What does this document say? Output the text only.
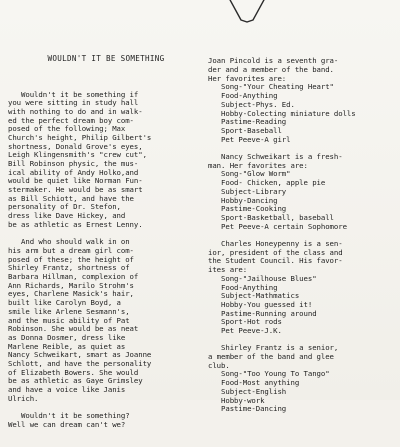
WOULDN'T IT BE SOMETHING

Wouldn't it be something if
you were sitting in study hall
with nothing to do and in walk-
ed the perfect dream boy com-
posed of the following; Max
Church's height, Philip Gilbert's
shortness, Donald Grove's eyes,
Leigh Klingensmith's "crew cut",
Bill Robinson physic, the mus-
ical ability of Andy Holko,and
would be quiet like Norman Fun-
stermaker. He would be as smart
as Bill Schiott, and have the
personality of Dr. Stefon,
dress like Dave Hickey, and
be as athletic as Ernest Lenny.
And who should walk in on
his arm but a dream girl com-
posed of these; the height of
Shirley Frantz, shortness of
Barbara Hillman, complexion of
Ann Richards, Marilo Strohm's
eyes, Charlene Masick's hair,
built like Carolyn Boyd, a
smile like Arlene Sesmann's,
and the music ability of Pat
Robinson. She would be as neat
as Donna Dosmer, dress like
Marlene Reible, as quiet as
Nancy Schweikart, smart as Joanne
Schlott, and have the personality
of Elizabeth Bowers. She would
be as athletic as Gaye Grimsley
and have a voice like Janis
Ulrich.
Wouldn't it be something?
Well we can dream can't we?

Joan Pincold is a seventh gra-
der and a member of the band.
Her favorites are:
Song-"Your Cheating Heart"
Food-Anything
Subject-Phys. Ed.
Hobby-Colecting miniature dolls
Pastime-Reading
Sport-Baseball
Pet Peeve-A girl
Nancy Schweikart is a fresh-
man. Her favorites are:
Song-"Glow Worm"
Food- Chicken, apple pie
Subject-Library
Hobby-Dancing
Pastime-Cooking
Sport-Basketball, baseball
Pet Peeve-A certain Sophomore
Charles Honeypenny is a sen-
ior, president of the class and
the Student Council. His favor-
ites are:
Song-"Jailhouse Blues"
Food-Anything
Subject-Mathmatics
Hobby-You guessed it!
Pastime-Running around
Sport-Hot rods
Pet Peeve-J.K.
Shirley Frantz is a senior,
a member of the band and glee
club.
Song-"Too Young To Tango"
Food-Most anything
Subject-English
Hobby-work
Pastime-Dancing
